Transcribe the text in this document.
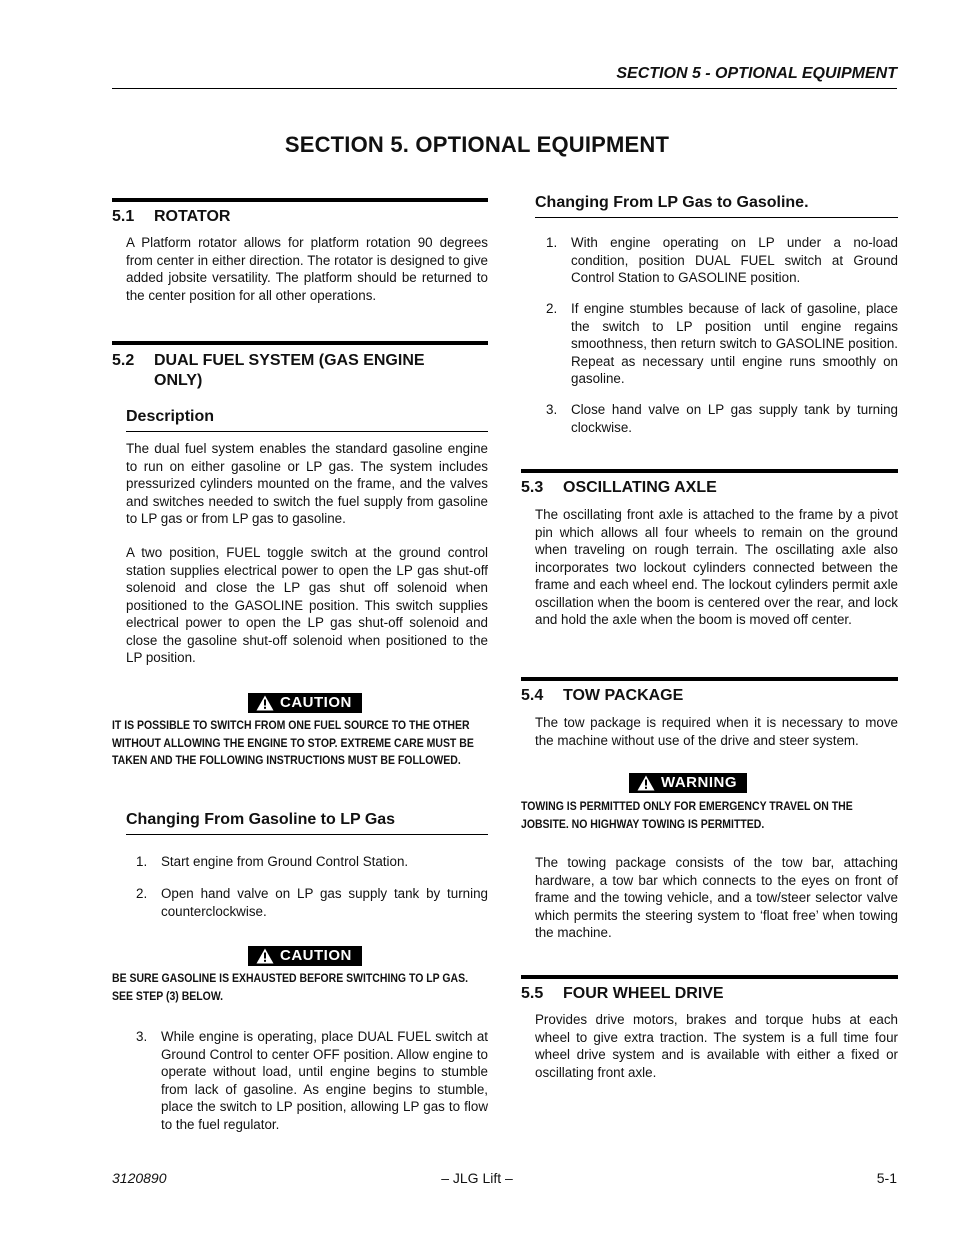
SECTION 5 - OPTIONAL EQUIPMENT
SECTION 5. OPTIONAL EQUIPMENT
5.1	ROTATOR
A Platform rotator allows for platform rotation 90 degrees from center in either direction. The rotator is designed to give added jobsite versatility. The platform should be returned to the center position for all other operations.
5.2	DUAL FUEL SYSTEM (GAS ENGINE ONLY)
Description
The dual fuel system enables the standard gasoline engine to run on either gasoline or LP gas. The system includes pressurized cylinders mounted on the frame, and the valves and switches needed to switch the fuel supply from gasoline to LP gas or from LP gas to gasoline.
A two position, FUEL toggle switch at the ground control station supplies electrical power to open the LP gas shut-off solenoid and close the LP gas shut off solenoid when positioned to the GASOLINE position. This switch supplies electrical power to open the LP gas shut-off solenoid and close the gasoline shut-off solenoid when positioned to the LP position.
CAUTION
IT IS POSSIBLE TO SWITCH FROM ONE FUEL SOURCE TO THE OTHER WITHOUT ALLOWING THE ENGINE TO STOP. EXTREME CARE MUST BE TAKEN AND THE FOLLOWING INSTRUCTIONS MUST BE FOLLOWED.
Changing From Gasoline to LP Gas
1. Start engine from Ground Control Station.
2. Open hand valve on LP gas supply tank by turning counterclockwise.
CAUTION
BE SURE GASOLINE IS EXHAUSTED BEFORE SWITCHING TO LP GAS. SEE STEP (3) BELOW.
3. While engine is operating, place DUAL FUEL switch at Ground Control to center OFF position. Allow engine to operate without load, until engine begins to stumble from lack of gasoline. As engine begins to stumble, place the switch to LP position, allowing LP gas to flow to the fuel regulator.
Changing From LP Gas to Gasoline.
1. With engine operating on LP under a no-load condition, position DUAL FUEL switch at Ground Control Station to GASOLINE position.
2. If engine stumbles because of lack of gasoline, place the switch to LP position until engine regains smoothness, then return switch to GASOLINE position. Repeat as necessary until engine runs smoothly on gasoline.
3. Close hand valve on LP gas supply tank by turning clockwise.
5.3	OSCILLATING AXLE
The oscillating front axle is attached to the frame by a pivot pin which allows all four wheels to remain on the ground when traveling on rough terrain. The oscillating axle also incorporates two lockout cylinders connected between the frame and each wheel end. The lockout cylinders permit axle oscillation when the boom is centered over the rear, and lock and hold the axle when the boom is moved off center.
5.4	TOW PACKAGE
The tow package is required when it is necessary to move the machine without use of the drive and steer system.
WARNING
TOWING IS PERMITTED ONLY FOR EMERGENCY TRAVEL ON THE JOBSITE. NO HIGHWAY TOWING IS PERMITTED.
The towing package consists of the tow bar, attaching hardware, a tow bar which connects to the eyes on front of frame and the towing vehicle, and a tow/steer selector valve which permits the steering system to ‘float free’ when towing the machine.
5.5	FOUR WHEEL DRIVE
Provides drive motors, brakes and torque hubs at each wheel to give extra traction. The system is a full time four wheel drive system and is available with either a fixed or oscillating front axle.
3120890	– JLG Lift –	5-1
